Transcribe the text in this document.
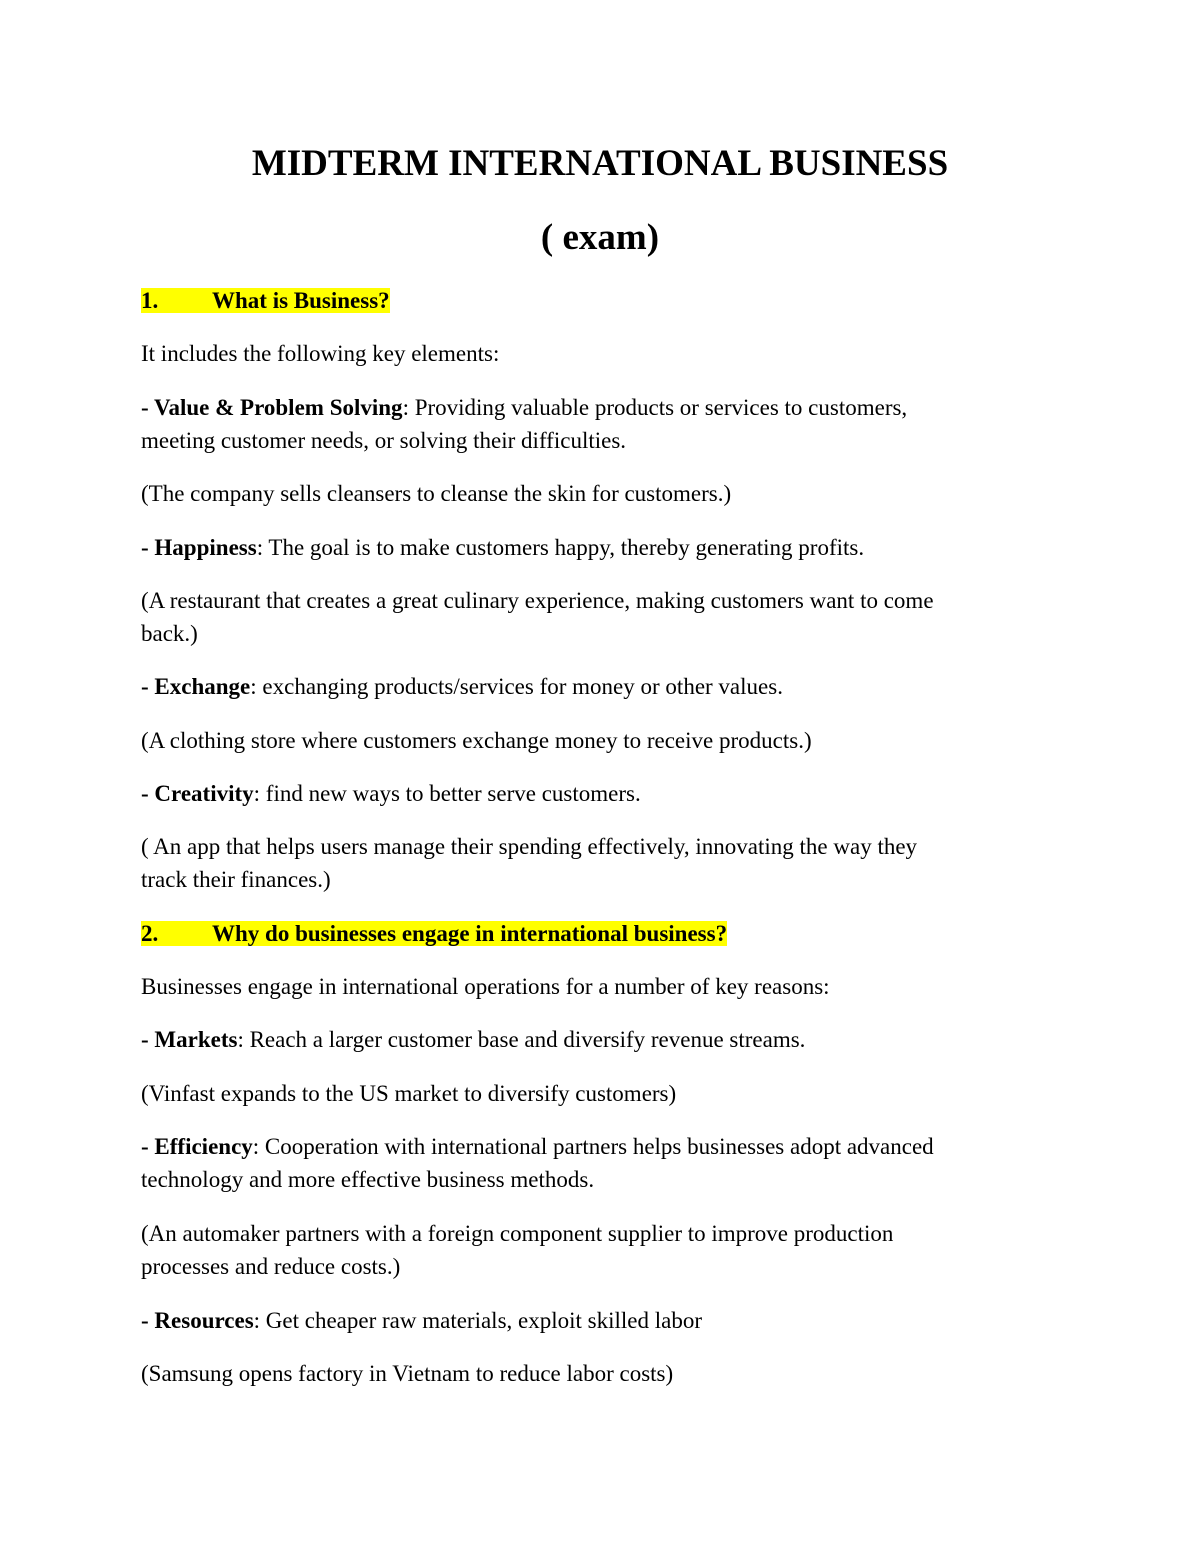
MIDTERM INTERNATIONAL BUSINESS
( exam)
1. What is Business?
It includes the following key elements:
- Value & Problem Solving: Providing valuable products or services to customers,
meeting customer needs, or solving their difficulties.
(The company sells cleansers to cleanse the skin for customers.)
- Happiness: The goal is to make customers happy, thereby generating profits.
(A restaurant that creates a great culinary experience, making customers want to come
back.)
- Exchange: exchanging products/services for money or other values.
(A clothing store where customers exchange money to receive products.)
- Creativity: find new ways to better serve customers.
( An app that helps users manage their spending effectively, innovating the way they
track their finances.)
2. Why do businesses engage in international business?
Businesses engage in international operations for a number of key reasons:
- Markets: Reach a larger customer base and diversify revenue streams.
(Vinfast expands to the US market to diversify customers)
- Efficiency: Cooperation with international partners helps businesses adopt advanced
technology and more effective business methods.
(An automaker partners with a foreign component supplier to improve production
processes and reduce costs.)
- Resources: Get cheaper raw materials, exploit skilled labor
(Samsung opens factory in Vietnam to reduce labor costs)
